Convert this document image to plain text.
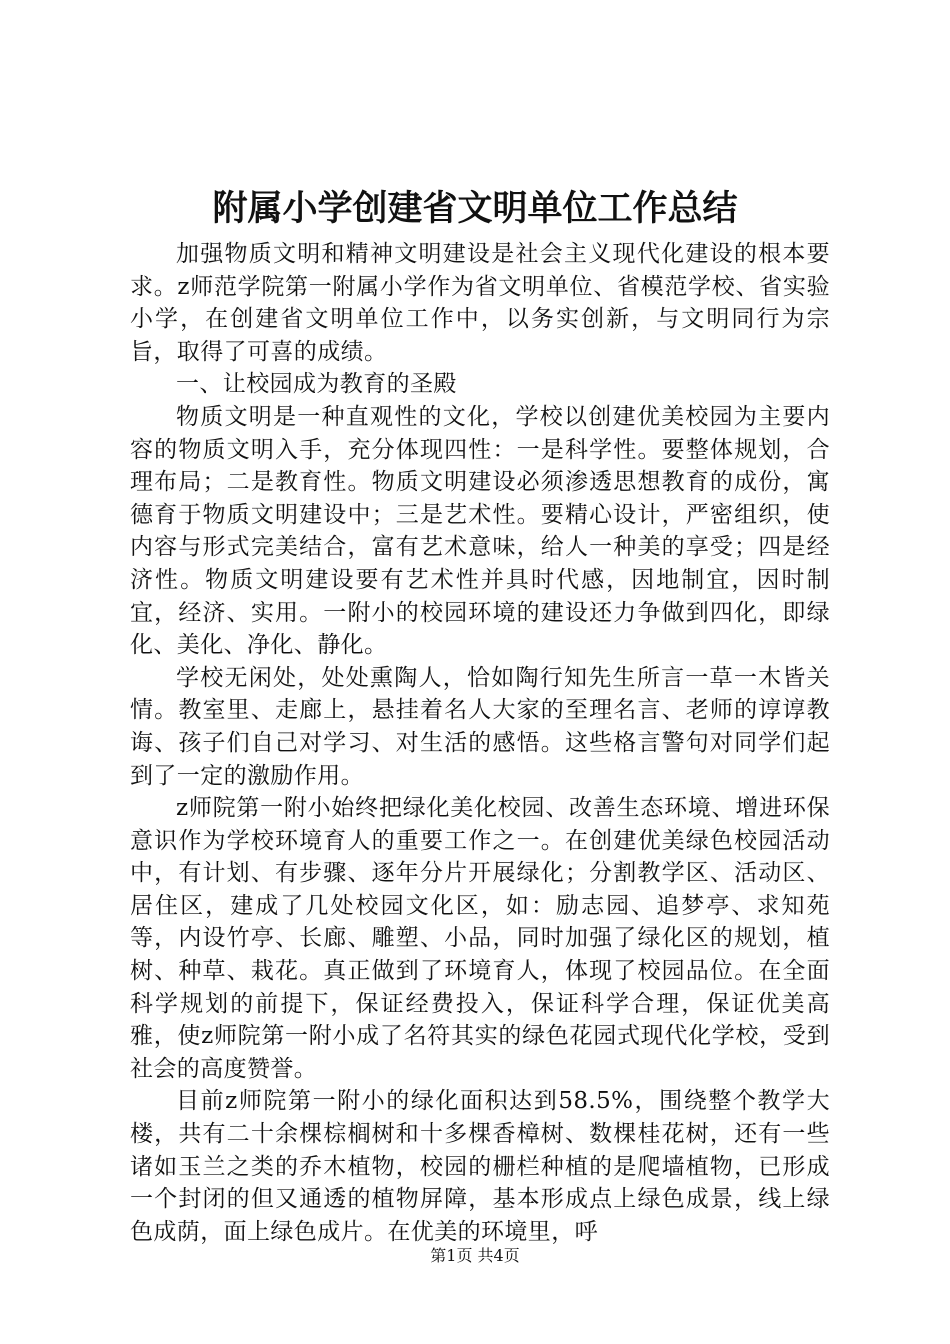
附属小学创建省文明单位工作总结

加强物质文明和精神文明建设是社会主义现代化建设的根本要求。z师范学院第一附属小学作为省文明单位、省模范学校、省实验小学，在创建省文明单位工作中，以务实创新，与文明同行为宗旨，取得了可喜的成绩。

一、让校园成为教育的圣殿

物质文明是一种直观性的文化，学校以创建优美校园为主要内容的物质文明入手，充分体现四性：一是科学性。要整体规划，合理布局；二是教育性。物质文明建设必须渗透思想教育的成份，寓德育于物质文明建设中；三是艺术性。要精心设计，严密组织，使内容与形式完美结合，富有艺术意味，给人一种美的享受；四是经济性。物质文明建设要有艺术性并具时代感，因地制宜，因时制宜，经济、实用。一附小的校园环境的建设还力争做到四化，即绿化、美化、净化、静化。

学校无闲处，处处熏陶人，恰如陶行知先生所言一草一木皆关情。教室里、走廊上，悬挂着名人大家的至理名言、老师的谆谆教诲、孩子们自己对学习、对生活的感悟。这些格言警句对同学们起到了一定的激励作用。

z师院第一附小始终把绿化美化校园、改善生态环境、增进环保意识作为学校环境育人的重要工作之一。在创建优美绿色校园活动中，有计划、有步骤、逐年分片开展绿化；分割教学区、活动区、居住区，建成了几处校园文化区，如：励志园、追梦亭、求知苑等，内设竹亭、长廊、雕塑、小品，同时加强了绿化区的规划，植树、种草、栽花。真正做到了环境育人，体现了校园品位。在全面科学规划的前提下，保证经费投入，保证科学合理，保证优美高雅，使z师院第一附小成了名符其实的绿色花园式现代化学校，受到社会的高度赞誉。

目前z师院第一附小的绿化面积达到58.5%，围绕整个教学大楼，共有二十余棵棕榈树和十多棵香樟树、数棵桂花树，还有一些诸如玉兰之类的乔木植物，校园的栅栏种植的是爬墙植物，已形成一个封闭的但又通透的植物屏障，基本形成点上绿色成景，线上绿色成荫，面上绿色成片。在优美的环境里，呼

第1页 共4页
